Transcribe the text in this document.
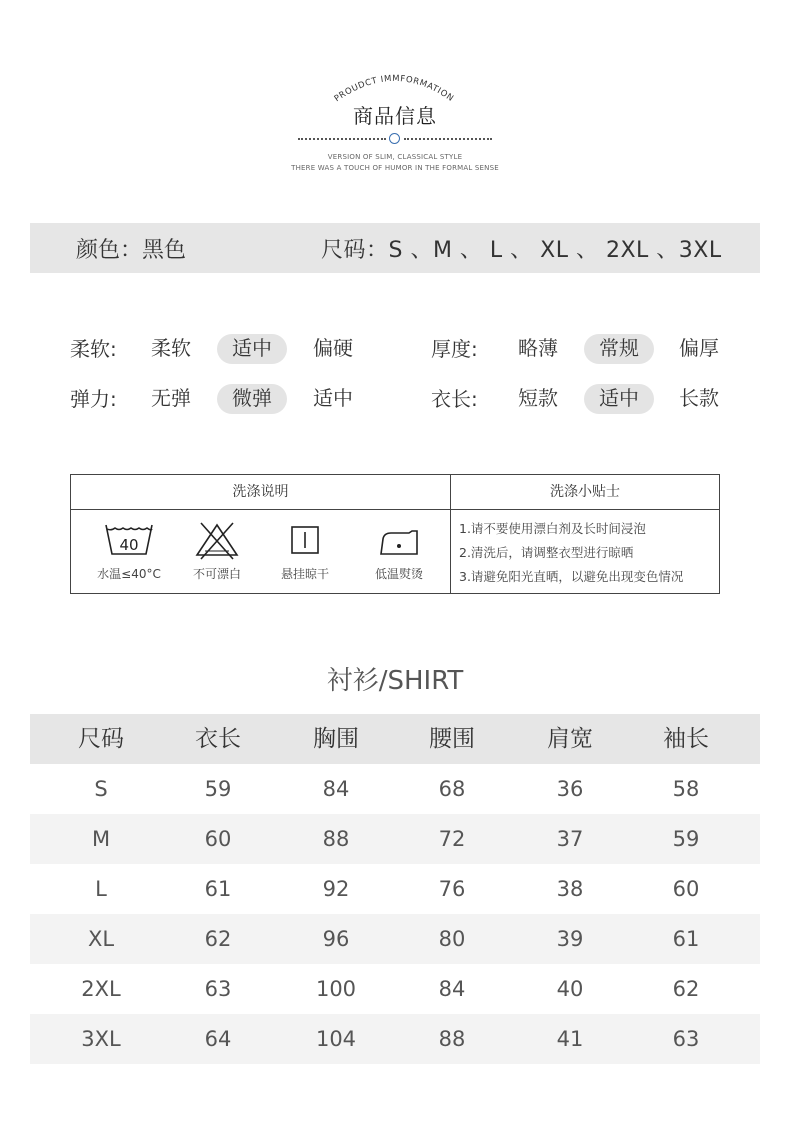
PROUDCT IMMFORMATION
商品信息
VERSION OF SLIM, CLASSICAL STYLE
THERE WAS A TOUCH OF HUMOR IN THE FORMAL SENSE
颜色：黑色	尺码：S 、M 、 L 、 XL 、 2XL 、3XL
柔软: 柔软	适中	偏硬	厚度: 略薄	常规	偏厚
弹力: 无弹	微弹	适中	衣长: 短款	适中	长款
洗涤说明	洗涤小贴士
40
水温≤40°C	不可漂白	悬挂晾干	低温熨烫
1.请不要使用漂白剂及长时间浸泡
2.清洗后，请调整衣型进行晾晒
3.请避免阳光直晒，以避免出现变色情况
衬衫/SHIRT
尺码	衣长	胸围	腰围	肩宽	袖长
S	59	84	68	36	58
M	60	88	72	37	59
L	61	92	76	38	60
XL	62	96	80	39	61
2XL	63	100	84	40	62
3XL	64	104	88	41	63
